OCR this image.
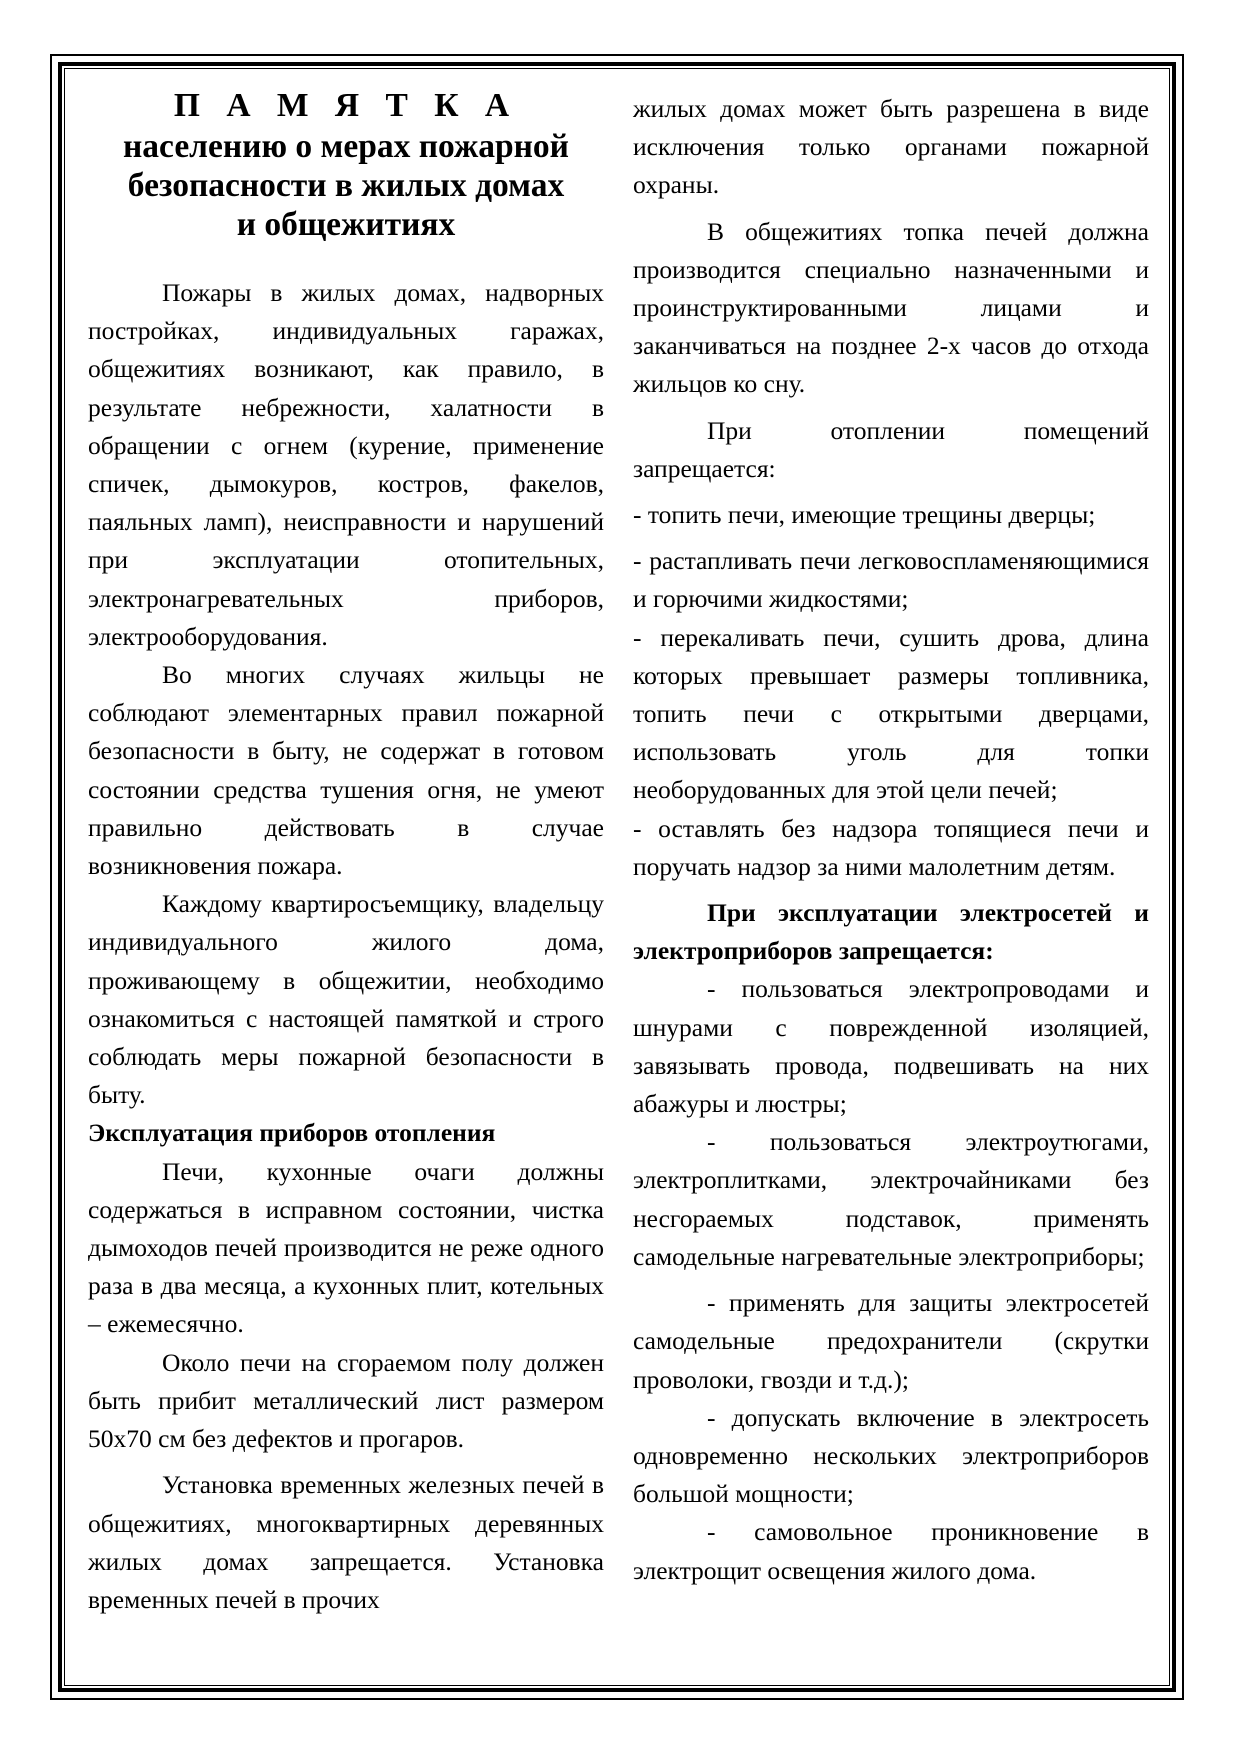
П А М Я Т К А
населению о мерах пожарной
безопасности в жилых домах
и общежитиях

Пожары в жилых домах, надворных постройках, индивидуальных гаражах, общежитиях возникают, как правило, в результате небрежности, халатности в обращении с огнем (курение, применение спичек, дымокуров, костров, факелов, паяльных ламп), неисправности и нарушений при эксплуатации отопительных, электронагревательных приборов, электрооборудования.

Во многих случаях жильцы не соблюдают элементарных правил пожарной безопасности в быту, не содержат в готовом состоянии средства тушения огня, не умеют правильно действовать в случае возникновения пожара.

Каждому квартиросъемщику, владельцу индивидуального жилого дома, проживающему в общежитии, необходимо ознакомиться с настоящей памяткой и строго соблюдать меры пожарной безопасности в быту.

Эксплуатация приборов отопления

Печи, кухонные очаги должны содержаться в исправном состоянии, чистка дымоходов печей производится не реже одного раза в два месяца, а кухонных плит, котельных – ежемесячно.

Около печи на сгораемом полу должен быть прибит металлический лист размером 50х70 см без дефектов и прогаров.

Установка временных железных печей в общежитиях, многоквартирных деревянных жилых домах запрещается. Установка временных печей в прочих

жилых домах может быть разрешена в виде исключения только органами пожарной охраны.

В общежитиях топка печей должна производится специально назначенными и проинструктированными лицами и заканчиваться на позднее 2-х часов до отхода жильцов ко сну.

При отоплении помещений запрещается:

- топить печи, имеющие трещины дверцы;

- растапливать печи легковоспламеняющимися и горючими жидкостями;

- перекаливать печи, сушить дрова, длина которых превышает размеры топливника, топить печи с открытыми дверцами, использовать уголь для топки необорудованных для этой цели печей;

- оставлять без надзора топящиеся печи и поручать надзор за ними малолетним детям.

При эксплуатации электросетей и электроприборов запрещается:

- пользоваться электропроводами и шнурами с поврежденной изоляцией, завязывать провода, подвешивать на них абажуры и люстры;

- пользоваться электроутюгами, электроплитками, электрочайниками без несгораемых подставок, применять самодельные нагревательные электроприборы;

- применять для защиты электросетей самодельные предохранители (скрутки проволоки, гвозди и т.д.);

- допускать включение в электросеть одновременно нескольких электроприборов большой мощности;

- самовольное проникновение в электрощит освещения жилого дома.
